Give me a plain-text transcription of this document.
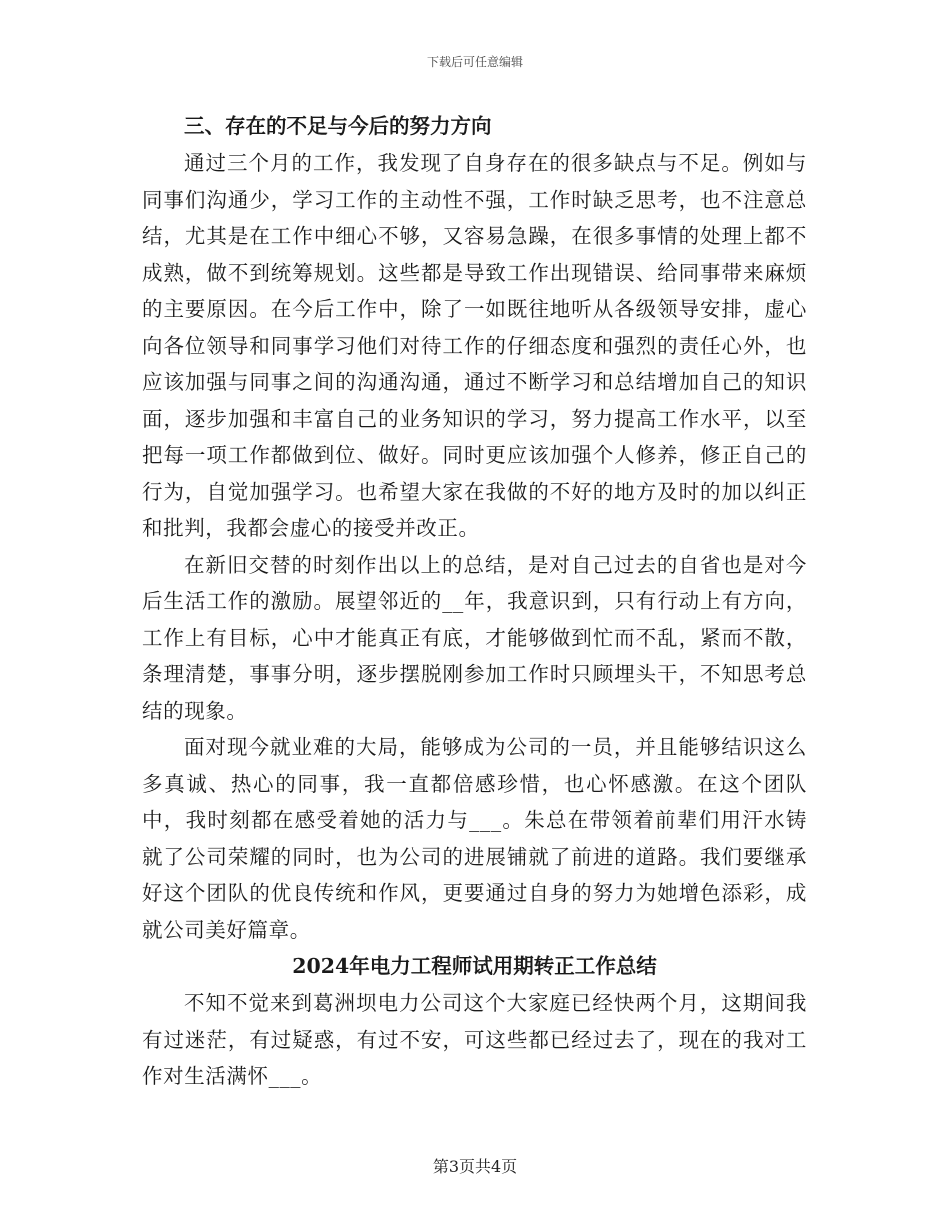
下载后可任意编辑
三、存在的不足与今后的努力方向

通过三个月的工作，我发现了自身存在的很多缺点与不足。例如与同事们沟通少，学习工作的主动性不强，工作时缺乏思考，也不注意总结，尤其是在工作中细心不够，又容易急躁，在很多事情的处理上都不成熟，做不到统筹规划。这些都是导致工作出现错误、给同事带来麻烦的主要原因。在今后工作中，除了一如既往地听从各级领导安排，虚心向各位领导和同事学习他们对待工作的仔细态度和强烈的责任心外，也应该加强与同事之间的沟通沟通，通过不断学习和总结增加自己的知识面，逐步加强和丰富自己的业务知识的学习，努力提高工作水平，以至把每一项工作都做到位、做好。同时更应该加强个人修养，修正自己的行为，自觉加强学习。也希望大家在我做的不好的地方及时的加以纠正和批判，我都会虚心的接受并改正。

在新旧交替的时刻作出以上的总结，是对自己过去的自省也是对今后生活工作的激励。展望邻近的__年，我意识到，只有行动上有方向，工作上有目标，心中才能真正有底，才能够做到忙而不乱，紧而不散，条理清楚，事事分明，逐步摆脱刚参加工作时只顾埋头干，不知思考总结的现象。

面对现今就业难的大局，能够成为公司的一员，并且能够结识这么多真诚、热心的同事，我一直都倍感珍惜，也心怀感激。在这个团队中，我时刻都在感受着她的活力与___。朱总在带领着前辈们用汗水铸就了公司荣耀的同时，也为公司的进展铺就了前进的道路。我们要继承好这个团队的优良传统和作风，更要通过自身的努力为她增色添彩，成就公司美好篇章。

2024年电力工程师试用期转正工作总结

不知不觉来到葛洲坝电力公司这个大家庭已经快两个月，这期间我有过迷茫，有过疑惑，有过不安，可这些都已经过去了，现在的我对工作对生活满怀___。

第3页共4页
